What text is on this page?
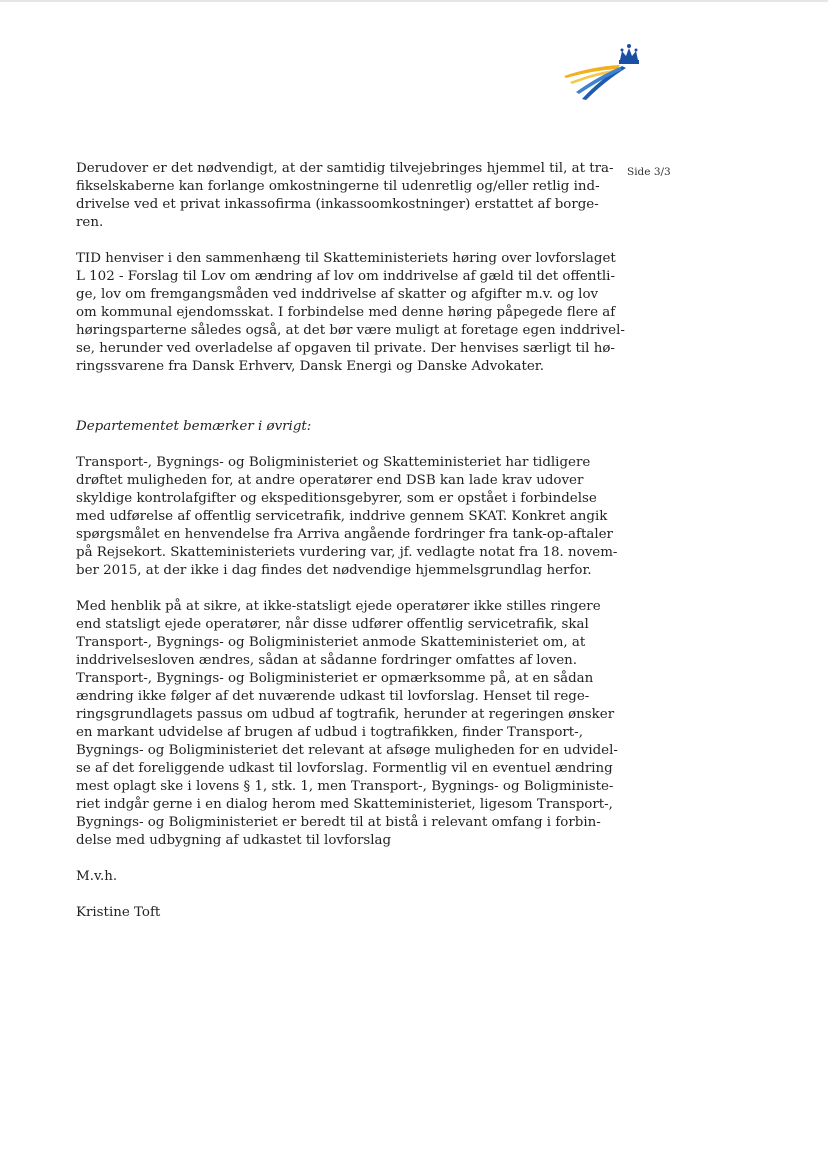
Side 3/3
Derudover er det nødvendigt, at der samtidig tilvejebringes hjemmel til, at tra-
fikselskaberne kan forlange omkostningerne til udenretlig og/eller retlig ind-
drivelse ved et privat inkassofirma (inkassoomkostninger) erstattet af borge-
ren.
TID henviser i den sammenhæng til Skatteministeriets høring over lovforslaget
L 102 - Forslag til Lov om ændring af lov om inddrivelse af gæld til det offentli-
ge, lov om fremgangsmåden ved inddrivelse af skatter og afgifter m.v. og lov
om kommunal ejendomsskat. I forbindelse med denne høring påpegede flere af
høringsparterne således også, at det bør være muligt at foretage egen inddrivel-
se, herunder ved overladelse af opgaven til private. Der henvises særligt til hø-
ringssvarene fra Dansk Erhverv, Dansk Energi og Danske Advokater.
Departementet bemærker i øvrigt:
Transport-, Bygnings- og Boligministeriet og Skatteministeriet har tidligere
drøftet muligheden for, at andre operatører end DSB kan lade krav udover
skyldige kontrolafgifter og ekspeditionsgebyrer, som er opstået i forbindelse
med udførelse af offentlig servicetrafik, inddrive gennem SKAT. Konkret angik
spørgsmålet en henvendelse fra Arriva angående fordringer fra tank-op-aftaler
på Rejsekort. Skatteministeriets vurdering var, jf. vedlagte notat fra 18. novem-
ber 2015, at der ikke i dag findes det nødvendige hjemmelsgrundlag herfor.
Med henblik på at sikre, at ikke-statsligt ejede operatører ikke stilles ringere
end statsligt ejede operatører, når disse udfører offentlig servicetrafik, skal
Transport-, Bygnings- og Boligministeriet anmode Skatteministeriet om, at
inddrivelsesloven ændres, sådan at sådanne fordringer omfattes af loven.
Transport-, Bygnings- og Boligministeriet er opmærksomme på, at en sådan
ændring ikke følger af det nuværende udkast til lovforslag. Henset til rege-
ringsgrundlagets passus om udbud af togtrafik, herunder at regeringen ønsker
en markant udvidelse af brugen af udbud i togtrafikken, finder Transport-,
Bygnings- og Boligministeriet det relevant at afsøge muligheden for en udvidel-
se af det foreliggende udkast til lovforslag. Formentlig vil en eventuel ændring
mest oplagt ske i lovens § 1, stk. 1, men Transport-, Bygnings- og Boligministe-
riet indgår gerne i en dialog herom med Skatteministeriet, ligesom Transport-,
Bygnings- og Boligministeriet er beredt til at bistå i relevant omfang i forbin-
delse med udbygning af udkastet til lovforslag
M.v.h.
Kristine Toft
